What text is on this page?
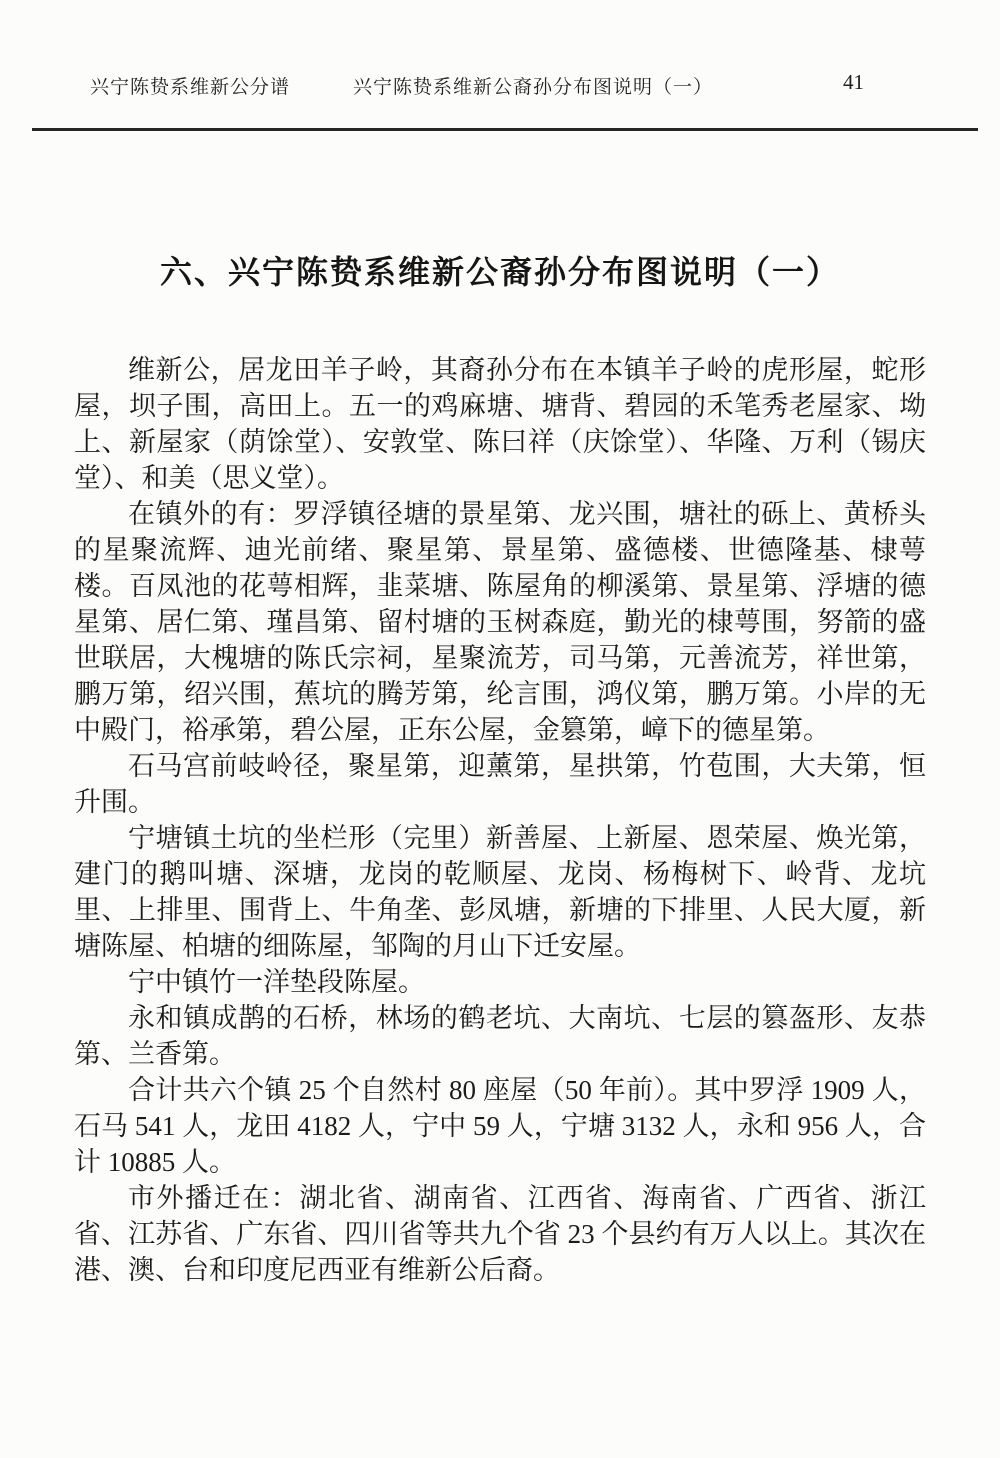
兴宁陈贽系维新公分谱	兴宁陈贽系维新公裔孙分布图说明（一）	41
六、兴宁陈贽系维新公裔孙分布图说明（一）

维新公，居龙田羊子岭，其裔孙分布在本镇羊子岭的虎形屋，蛇形屋，坝子围，高田上。五一的鸡麻塘、塘背、碧园的禾笔秀老屋家、坳上、新屋家（荫馀堂）、安敦堂、陈曰祥（庆馀堂）、华隆、万利（锡庆堂）、和美（思义堂）。

在镇外的有：罗浮镇径塘的景星第、龙兴围，塘社的砾上、黄桥头的星聚流辉、迪光前绪、聚星第、景星第、盛德楼、世德隆基、棣萼楼。百凤池的花萼相辉，韭菜塘、陈屋角的柳溪第、景星第、浮塘的德星第、居仁第、瑾昌第、留村塘的玉树森庭，勤光的棣萼围，努箭的盛世联居，大槐塘的陈氏宗祠，星聚流芳，司马第，元善流芳，祥世第，鹏万第，绍兴围，蕉坑的腾芳第，纶言围，鸿仪第，鹏万第。小岸的无中殿门，裕承第，碧公屋，正东公屋，金篡第，嶂下的德星第。

石马宫前岐岭径，聚星第，迎薰第，星拱第，竹苞围，大夫第，恒升围。

宁塘镇土坑的坐栏形（完里）新善屋、上新屋、恩荣屋、焕光第，建门的鹅叫塘、深塘，龙岗的乾顺屋、龙岗、杨梅树下、岭背、龙坑里、上排里、围背上、牛角垄、彭凤塘，新塘的下排里、人民大厦，新塘陈屋、柏塘的细陈屋，邹陶的月山下迁安屋。

宁中镇竹一洋垫段陈屋。

永和镇成鹊的石桥，林场的鹤老坑、大南坑、七层的篡盔形、友恭第、兰香第。

合计共六个镇 25 个自然村 80 座屋（50 年前）。其中罗浮 1909 人，石马 541 人，龙田 4182 人，宁中 59 人，宁塘 3132 人，永和 956 人，合计 10885 人。

市外播迁在：湖北省、湖南省、江西省、海南省、广西省、浙江省、江苏省、广东省、四川省等共九个省 23 个县约有万人以上。其次在港、澳、台和印度尼西亚有维新公后裔。
